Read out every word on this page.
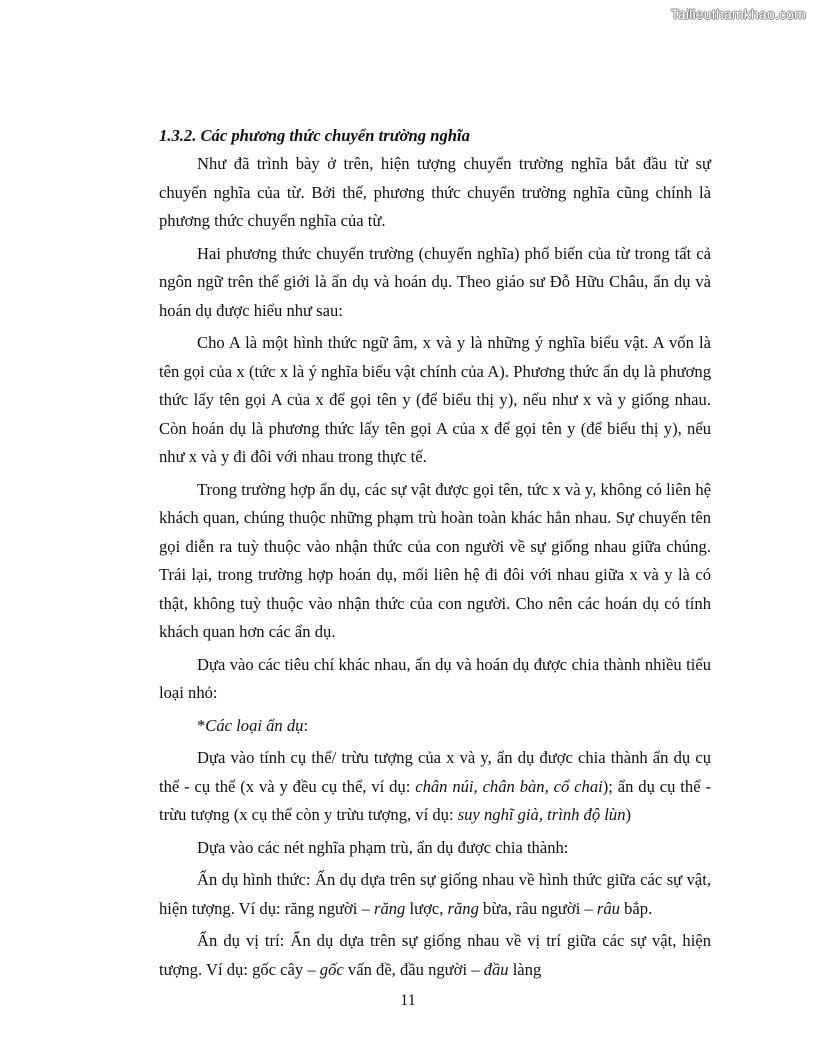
Tailieuthamkhao.com

1.3.2. Các phương thức chuyển trường nghĩa

Như đã trình bày ở trên, hiện tượng chuyển trường nghĩa bắt đầu từ sự chuyển nghĩa của từ. Bởi thế, phương thức chuyển trường nghĩa cũng chính là phương thức chuyển nghĩa của từ.

Hai phương thức chuyển trường (chuyển nghĩa) phổ biến của từ trong tất cả ngôn ngữ trên thế giới là ẩn dụ và hoán dụ. Theo giáo sư Đỗ Hữu Châu, ẩn dụ và hoán dụ được hiểu như sau:

Cho A là một hình thức ngữ âm, x và y là những ý nghĩa biểu vật. A vốn là tên gọi của x (tức x là ý nghĩa biểu vật chính của A). Phương thức ẩn dụ là phương thức lấy tên gọi A của x để gọi tên y (để biểu thị y), nếu như x và y giống nhau. Còn hoán dụ là phương thức lấy tên gọi A của x để gọi tên y (để biểu thị y), nếu như x và y đi đôi với nhau trong thực tế.

Trong trường hợp ẩn dụ, các sự vật được gọi tên, tức x và y, không có liên hệ khách quan, chúng thuộc những phạm trù hoàn toàn khác hẳn nhau. Sự chuyển tên gọi diễn ra tuỳ thuộc vào nhận thức của con người về sự giống nhau giữa chúng. Trái lại, trong trường hợp hoán dụ, mối liên hệ đi đôi với nhau giữa x và y là có thật, không tuỳ thuộc vào nhận thức của con người. Cho nên các hoán dụ có tính khách quan hơn các ẩn dụ.

Dựa vào các tiêu chí khác nhau, ẩn dụ và hoán dụ được chia thành nhiều tiểu loại nhỏ:

*Các loại ẩn dụ:

Dựa vào tính cụ thể/ trừu tượng của x và y, ẩn dụ được chia thành ẩn dụ cụ thể - cụ thể (x và y đều cụ thể, ví dụ: chân núi, chân bàn, cổ chai); ẩn dụ cụ thể - trừu tượng (x cụ thể còn y trừu tượng, ví dụ: suy nghĩ già, trình độ lùn)

Dựa vào các nét nghĩa phạm trù, ẩn dụ được chia thành:

Ẩn dụ hình thức: Ẩn dụ dựa trên sự giống nhau về hình thức giữa các sự vật, hiện tượng. Ví dụ: răng người – răng lược, răng bừa, râu người – râu bắp.

Ẩn dụ vị trí: Ẩn dụ dựa trên sự giống nhau về vị trí giữa các sự vật, hiện tượng. Ví dụ: gốc cây – gốc vấn đề, đầu người – đầu làng

11
